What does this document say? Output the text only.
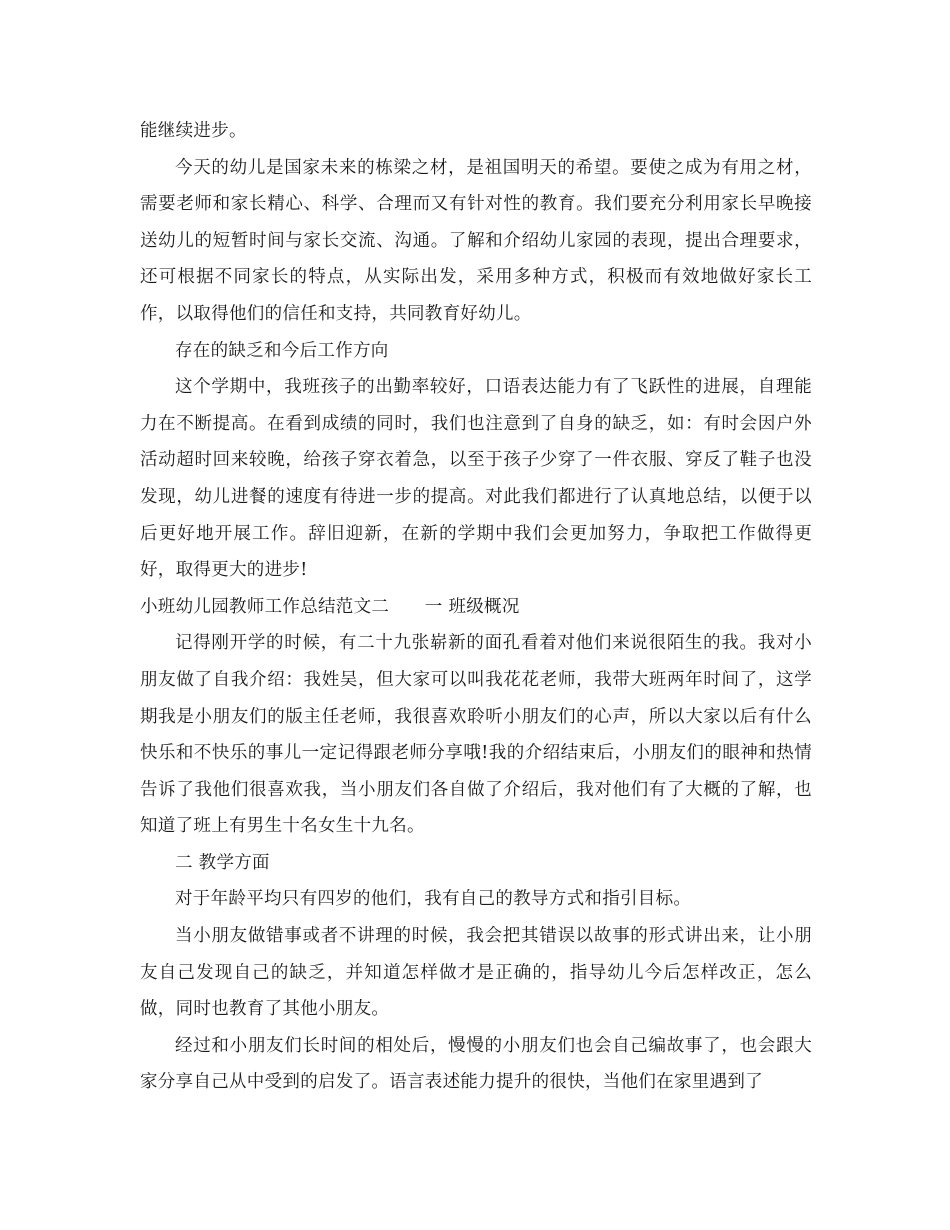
能继续进步。

今天的幼儿是国家未来的栋梁之材，是祖国明天的希望。要使之成为有用之材，需要老师和家长精心、科学、合理而又有针对性的教育。我们要充分利用家长早晚接送幼儿的短暂时间与家长交流、沟通。了解和介绍幼儿家园的表现，提出合理要求，还可根据不同家长的特点，从实际出发，采用多种方式，积极而有效地做好家长工作，以取得他们的信任和支持，共同教育好幼儿。

存在的缺乏和今后工作方向

这个学期中，我班孩子的出勤率较好，口语表达能力有了飞跃性的进展，自理能力在不断提高。在看到成绩的同时，我们也注意到了自身的缺乏，如：有时会因户外活动超时回来较晚，给孩子穿衣着急，以至于孩子少穿了一件衣服、穿反了鞋子也没发现，幼儿进餐的速度有待进一步的提高。对此我们都进行了认真地总结，以便于以后更好地开展工作。辞旧迎新，在新的学期中我们会更加努力，争取把工作做得更好，取得更大的进步!

小班幼儿园教师工作总结范文二　　一 班级概况

记得刚开学的时候，有二十九张崭新的面孔看着对他们来说很陌生的我。我对小朋友做了自我介绍：我姓吴，但大家可以叫我花花老师，我带大班两年时间了，这学期我是小朋友们的版主任老师，我很喜欢聆听小朋友们的心声，所以大家以后有什么快乐和不快乐的事儿一定记得跟老师分享哦!我的介绍结束后，小朋友们的眼神和热情告诉了我他们很喜欢我，当小朋友们各自做了介绍后，我对他们有了大概的了解，也知道了班上有男生十名女生十九名。

二 教学方面

对于年龄平均只有四岁的他们，我有自己的教导方式和指引目标。

当小朋友做错事或者不讲理的时候，我会把其错误以故事的形式讲出来，让小朋友自己发现自己的缺乏，并知道怎样做才是正确的，指导幼儿今后怎样改正，怎么做，同时也教育了其他小朋友。

经过和小朋友们长时间的相处后，慢慢的小朋友们也会自己编故事了，也会跟大家分享自己从中受到的启发了。语言表述能力提升的很快，当他们在家里遇到了
